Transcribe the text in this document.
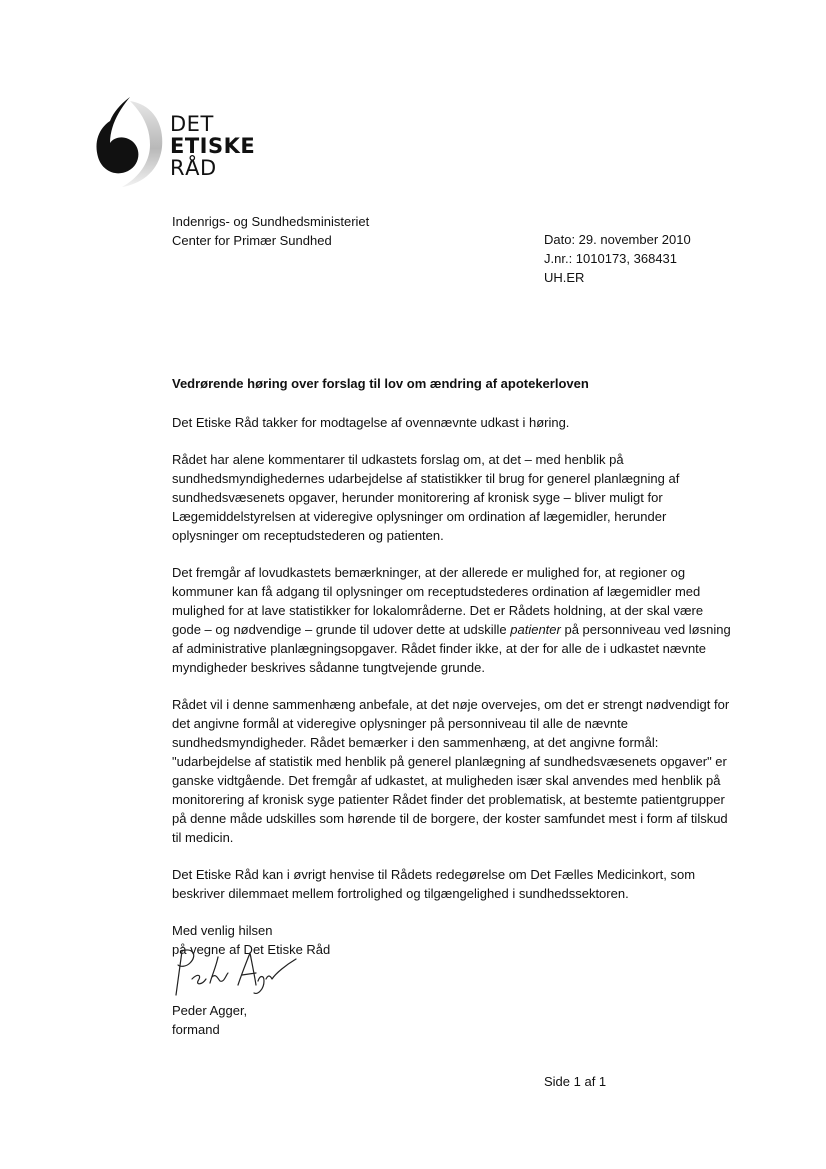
DET
ETISKE
RÅD
Indenrigs- og Sundhedsministeriet
Center for Primær Sundhed	Dato: 29. november 2010
J.nr.: 1010173, 368431
UH.ER
Vedrørende høring over forslag til lov om ændring af apotekerloven

Det Etiske Råd takker for modtagelse af ovennævnte udkast i høring.

Rådet har alene kommentarer til udkastets forslag om, at det – med henblik på sundhedsmyndighedernes udarbejdelse af statistikker til brug for generel planlægning af sundhedsvæsenets opgaver, herunder monitorering af kronisk syge – bliver muligt for Lægemiddelstyrelsen at videregive oplysninger om ordination af lægemidler, herunder oplysninger om receptudstederen og patienten.

Det fremgår af lovudkastets bemærkninger, at der allerede er mulighed for, at regioner og kommuner kan få adgang til oplysninger om receptudstederes ordination af lægemidler med mulighed for at lave statistikker for lokalområderne. Det er Rådets holdning, at der skal være gode – og nødvendige – grunde til udover dette at udskille patienter på personniveau ved løsning af administrative planlægningsopgaver. Rådet finder ikke, at der for alle de i udkastet nævnte myndigheder beskrives sådanne tungtvejende grunde.

Rådet vil i denne sammenhæng anbefale, at det nøje overvejes, om det er strengt nødvendigt for det angivne formål at videregive oplysninger på personniveau til alle de nævnte sundhedsmyndigheder. Rådet bemærker i den sammenhæng, at det angivne formål: "udarbejdelse af statistik med henblik på generel planlægning af sundhedsvæsenets opgaver" er ganske vidtgående. Det fremgår af udkastet, at muligheden især skal anvendes med henblik på monitorering af kronisk syge patienter Rådet finder det problematisk, at bestemte patientgrupper på denne måde udskilles som hørende til de borgere, der koster samfundet mest i form af tilskud til medicin.

Det Etiske Råd kan i øvrigt henvise til Rådets redegørelse om Det Fælles Medicinkort, som beskriver dilemmaet mellem fortrolighed og tilgængelighed i sundhedssektoren.

Med venlig hilsen

på vegne af Det Etiske Råd

Peder Agger,
formand
Side 1 af 1
